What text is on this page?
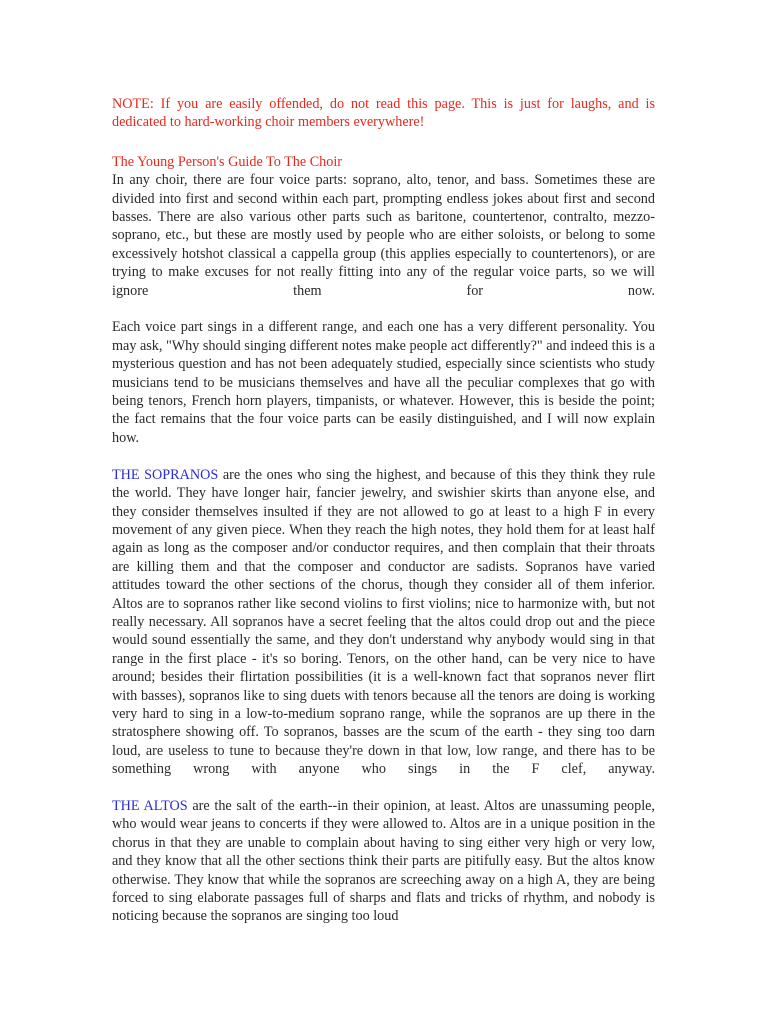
NOTE: If you are easily offended, do not read this page. This is just for laughs, and is dedicated to hard-working choir members everywhere!

The Young Person's Guide To The Choir

In any choir, there are four voice parts: soprano, alto, tenor, and bass. Sometimes these are divided into first and second within each part, prompting endless jokes about first and second basses. There are also various other parts such as baritone, countertenor, contralto, mezzo-soprano, etc., but these are mostly used by people who are either soloists, or belong to some excessively hotshot classical a cappella group (this applies especially to countertenors), or are trying to make excuses for not really fitting into any of the regular voice parts, so we will ignore them for now.

Each voice part sings in a different range, and each one has a very different personality. You may ask, "Why should singing different notes make people act differently?" and indeed this is a mysterious question and has not been adequately studied, especially since scientists who study musicians tend to be musicians themselves and have all the peculiar complexes that go with being tenors, French horn players, timpanists, or whatever. However, this is beside the point; the fact remains that the four voice parts can be easily distinguished, and I will now explain how.

THE SOPRANOS are the ones who sing the highest, and because of this they think they rule the world. They have longer hair, fancier jewelry, and swishier skirts than anyone else, and they consider themselves insulted if they are not allowed to go at least to a high F in every movement of any given piece. When they reach the high notes, they hold them for at least half again as long as the composer and/or conductor requires, and then complain that their throats are killing them and that the composer and conductor are sadists. Sopranos have varied attitudes toward the other sections of the chorus, though they consider all of them inferior. Altos are to sopranos rather like second violins to first violins; nice to harmonize with, but not really necessary. All sopranos have a secret feeling that the altos could drop out and the piece would sound essentially the same, and they don't understand why anybody would sing in that range in the first place - it's so boring. Tenors, on the other hand, can be very nice to have around; besides their flirtation possibilities (it is a well-known fact that sopranos never flirt with basses), sopranos like to sing duets with tenors because all the tenors are doing is working very hard to sing in a low-to-medium soprano range, while the sopranos are up there in the stratosphere showing off. To sopranos, basses are the scum of the earth - they sing too darn loud, are useless to tune to because they're down in that low, low range, and there has to be something wrong with anyone who sings in the F clef, anyway.

THE ALTOS are the salt of the earth--in their opinion, at least. Altos are unassuming people, who would wear jeans to concerts if they were allowed to. Altos are in a unique position in the chorus in that they are unable to complain about having to sing either very high or very low, and they know that all the other sections think their parts are pitifully easy. But the altos know otherwise. They know that while the sopranos are screeching away on a high A, they are being forced to sing elaborate passages full of sharps and flats and tricks of rhythm, and nobody is noticing because the sopranos are singing too loud
